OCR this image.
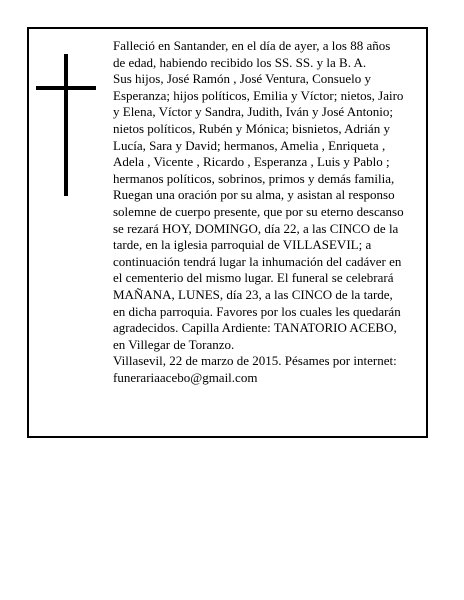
Falleció en Santander, en el día de ayer, a los 88 años
de edad, habiendo recibido los SS. SS. y la B. A.
Sus hijos, José Ramón , José Ventura, Consuelo y
Esperanza; hijos políticos, Emilia y Víctor; nietos, Jairo
y Elena, Víctor y Sandra, Judith, Iván y José Antonio;
nietos políticos, Rubén y Mónica; bisnietos, Adrián y
Lucía, Sara y David; hermanos, Amelia , Enriqueta ,
Adela , Vicente , Ricardo , Esperanza , Luis y Pablo ;
hermanos políticos, sobrinos, primos y demás familia,
Ruegan una oración por su alma, y asistan al responso
solemne de cuerpo presente, que por su eterno descanso
se rezará HOY, DOMINGO, día 22, a las CINCO de la
tarde, en la iglesia parroquial de VILLASEVIL; a
continuación tendrá lugar la inhumación del cadáver en
el cementerio del mismo lugar. El funeral se celebrará
MAÑANA, LUNES, día 23, a las CINCO de la tarde,
en dicha parroquia. Favores por los cuales les quedarán
agradecidos. Capilla Ardiente: TANATORIO ACEBO,
en Villegar de Toranzo.
Villasevil, 22 de marzo de 2015. Pésames por internet:
funerariaacebo@gmail.com
